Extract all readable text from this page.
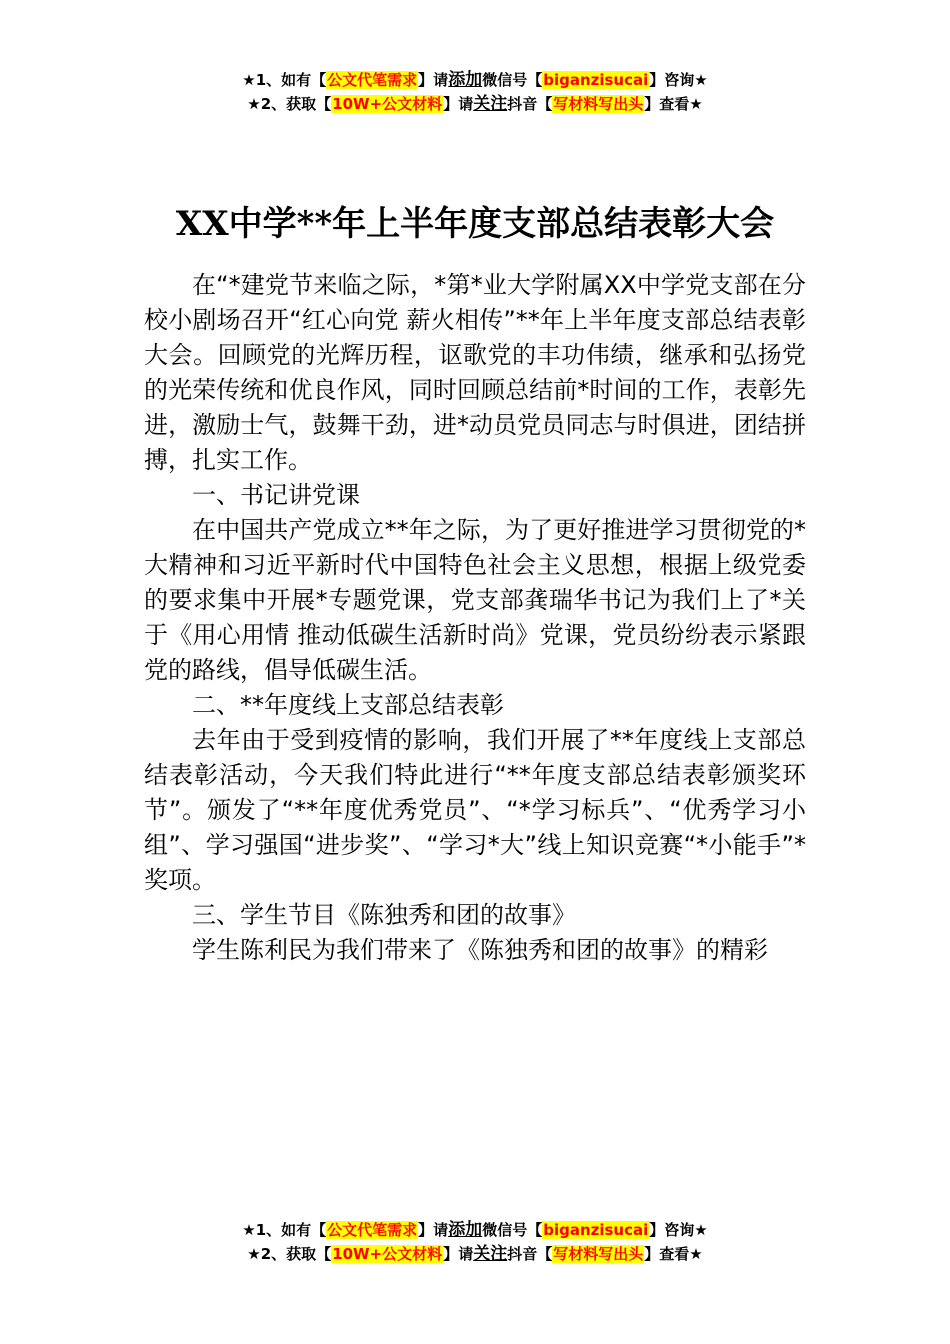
★1、如有【公文代笔需求】请添加微信号【biganzisucai】咨询★
★2、获取【10W+公文材料】请关注抖音【写材料写出头】查看★
XX中学**年上半年度支部总结表彰大会

在“*建党节来临之际，*第*业大学附属XX中学党支部在分校小剧场召开“红心向党 薪火相传”**年上半年度支部总结表彰大会。回顾党的光辉历程，讴歌党的丰功伟绩，继承和弘扬党的光荣传统和优良作风，同时回顾总结前*时间的工作，表彰先进，激励士气，鼓舞干劲，进*动员党员同志与时俱进，团结拼搏，扎实工作。

一、书记讲党课

在中国共产党成立**年之际，为了更好推进学习贯彻党的*大精神和习近平新时代中国特色社会主义思想，根据上级党委的要求集中开展*专题党课，党支部龚瑞华书记为我们上了*关于《用心用情 推动低碳生活新时尚》党课，党员纷纷表示紧跟党的路线，倡导低碳生活。

二、**年度线上支部总结表彰

去年由于受到疫情的影响，我们开展了**年度线上支部总结表彰活动，今天我们特此进行“**年度支部总结表彰颁奖环节”。颁发了“**年度优秀党员”、“*学习标兵”、“优秀学习小组”、学习强国“进步奖”、“学习*大”线上知识竞赛“*小能手”*奖项。

三、学生节目《陈独秀和团的故事》

学生陈利民为我们带来了《陈独秀和团的故事》的精彩

★1、如有【公文代笔需求】请添加微信号【biganzisucai】咨询★
★2、获取【10W+公文材料】请关注抖音【写材料写出头】查看★
